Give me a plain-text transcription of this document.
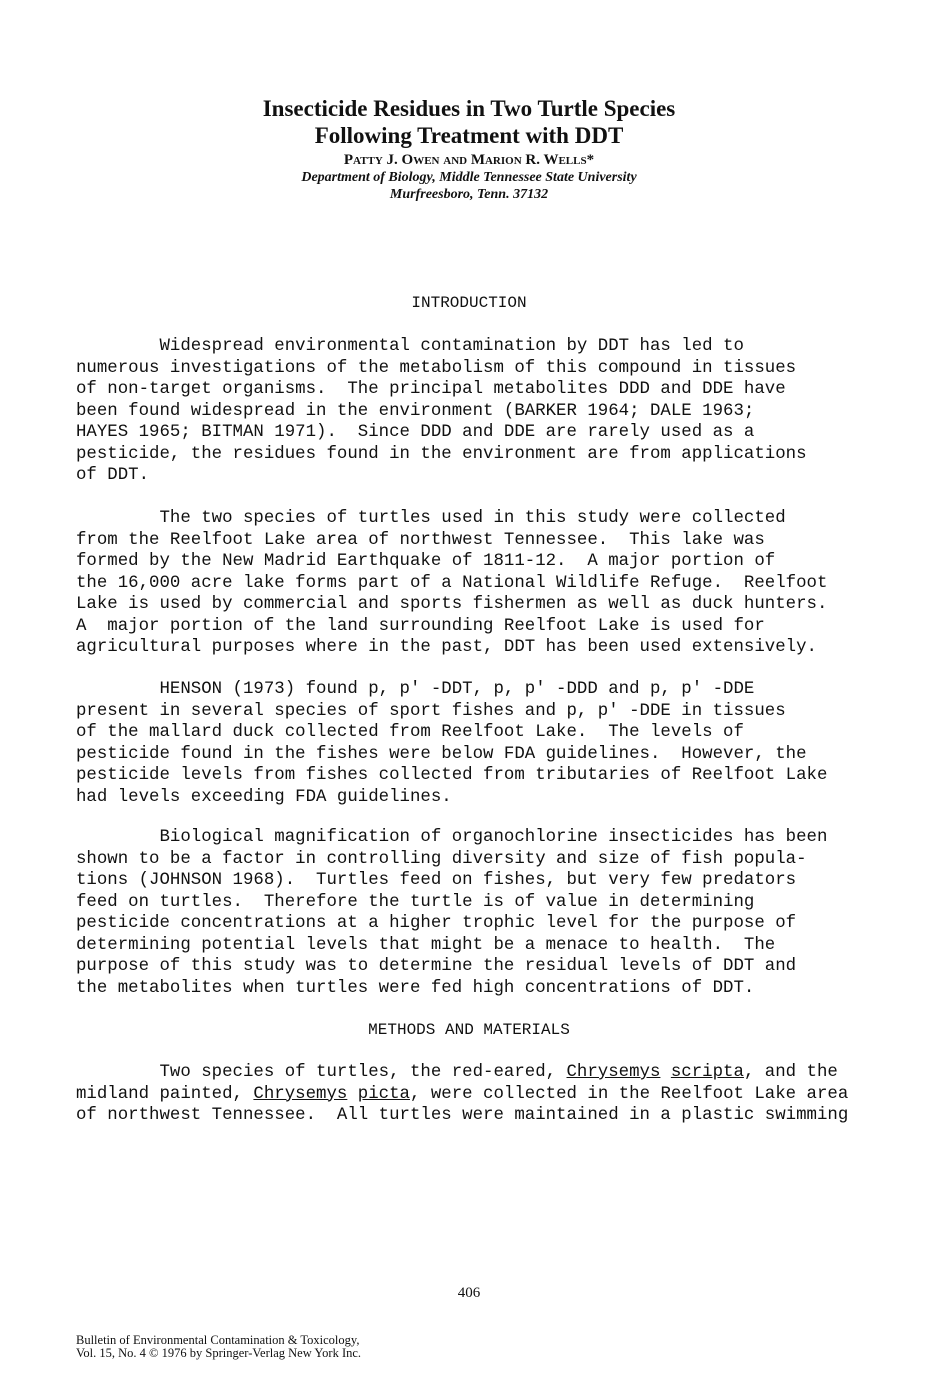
Insecticide Residues in Two Turtle Species
Following Treatment with DDT
Patty J. Owen and Marion R. Wells*
Department of Biology, Middle Tennessee State University
Murfreesboro, Tenn. 37132
INTRODUCTION
Widespread environmental contamination by DDT has led to
numerous investigations of the metabolism of this compound in tissues
of non-target organisms.  The principal metabolites DDD and DDE have
been found widespread in the environment (BARKER 1964; DALE 1963;
HAYES 1965; BITMAN 1971).  Since DDD and DDE are rarely used as a
pesticide, the residues found in the environment are from applications
of DDT.
The two species of turtles used in this study were collected
from the Reelfoot Lake area of northwest Tennessee.  This lake was
formed by the New Madrid Earthquake of 1811-12.  A major portion of
the 16,000 acre lake forms part of a National Wildlife Refuge.  Reelfoot
Lake is used by commercial and sports fishermen as well as duck hunters.
A  major portion of the land surrounding Reelfoot Lake is used for
agricultural purposes where in the past, DDT has been used extensively.
HENSON (1973) found p, p' -DDT, p, p' -DDD and p, p' -DDE
present in several species of sport fishes and p, p' -DDE in tissues
of the mallard duck collected from Reelfoot Lake.  The levels of
pesticide found in the fishes were below FDA guidelines.  However, the
pesticide levels from fishes collected from tributaries of Reelfoot Lake
had levels exceeding FDA guidelines.
Biological magnification of organochlorine insecticides has been
shown to be a factor in controlling diversity and size of fish popula-
tions (JOHNSON 1968).  Turtles feed on fishes, but very few predators
feed on turtles.  Therefore the turtle is of value in determining
pesticide concentrations at a higher trophic level for the purpose of
determining potential levels that might be a menace to health.  The
purpose of this study was to determine the residual levels of DDT and
the metabolites when turtles were fed high concentrations of DDT.
METHODS AND MATERIALS
Two species of turtles, the red-eared, Chrysemys scripta, and the
midland painted, Chrysemys picta, were collected in the Reelfoot Lake area
of northwest Tennessee.  All turtles were maintained in a plastic swimming
406
Bulletin of Environmental Contamination & Toxicology,
Vol. 15, No. 4 © 1976 by Springer-Verlag New York Inc.
